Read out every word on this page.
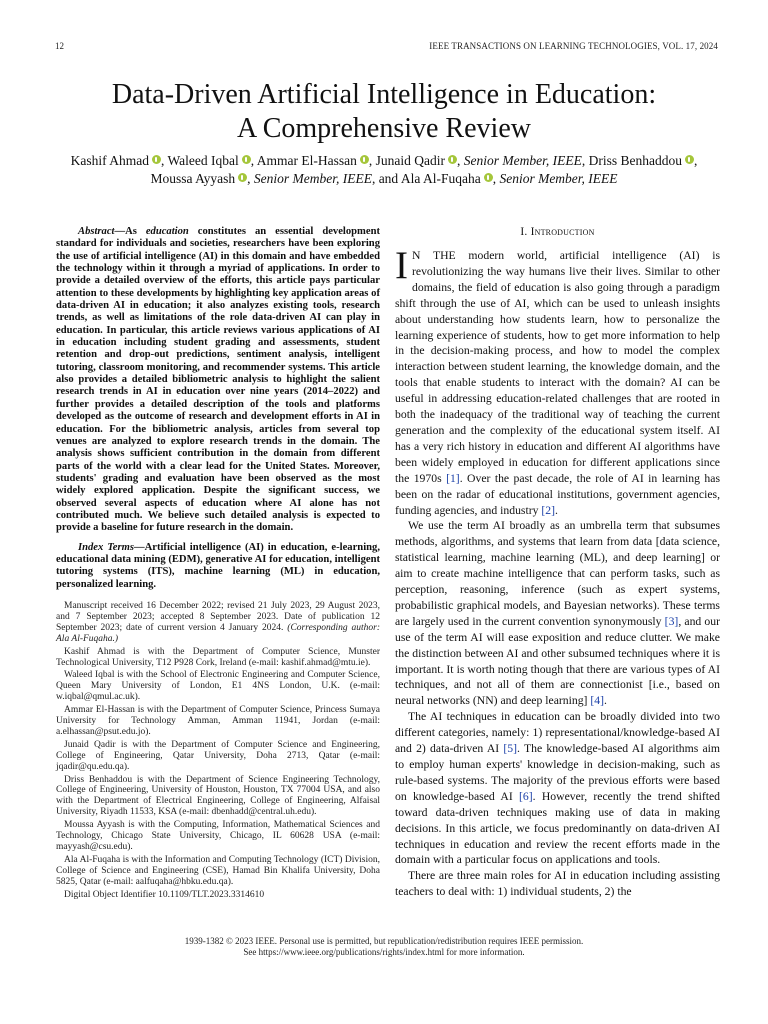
12	IEEE TRANSACTIONS ON LEARNING TECHNOLOGIES, VOL. 17, 2024
Data-Driven Artificial Intelligence in Education:
A Comprehensive Review
Kashif Ahmad , Waleed Iqbal , Ammar El-Hassan , Junaid Qadir , Senior Member, IEEE, Driss Benhaddou ,
Moussa Ayyash , Senior Member, IEEE, and Ala Al-Fuqaha , Senior Member, IEEE

Abstract—As education constitutes an essential development standard for individuals and societies, researchers have been exploring the use of artificial intelligence (AI) in this domain and have embedded the technology within it through a myriad of applications. In order to provide a detailed overview of the efforts, this article pays particular attention to these developments by highlighting key application areas of data-driven AI in education; it also analyzes existing tools, research trends, as well as limitations of the role data-driven AI can play in education. In particular, this article reviews various applications of AI in education including student grading and assessments, student retention and drop-out predictions, sentiment analysis, intelligent tutoring, classroom monitoring, and recommender systems. This article also provides a detailed bibliometric analysis to highlight the salient research trends in AI in education over nine years (2014–2022) and further provides a detailed description of the tools and platforms developed as the outcome of research and development efforts in AI in education. For the bibliometric analysis, articles from several top venues are analyzed to explore research trends in the domain. The analysis shows sufficient contribution in the domain from different parts of the world with a clear lead for the United States. Moreover, students' grading and evaluation have been observed as the most widely explored application. Despite the significant success, we observed several aspects of education where AI alone has not contributed much. We believe such detailed analysis is expected to provide a baseline for future research in the domain.

Index Terms—Artificial intelligence (AI) in education, e-learning, educational data mining (EDM), generative AI for education, intelligent tutoring systems (ITS), machine learning (ML) in education, personalized learning.

Manuscript received 16 December 2022; revised 21 July 2023, 29 August 2023, and 7 September 2023; accepted 8 September 2023. Date of publication 12 September 2023; date of current version 4 January 2024. (Corresponding author: Ala Al-Fuqaha.)

Kashif Ahmad is with the Department of Computer Science, Munster Technological University, T12 P928 Cork, Ireland (e-mail: kashif.ahmad@mtu.ie).

Waleed Iqbal is with the School of Electronic Engineering and Computer Science, Queen Mary University of London, E1 4NS London, U.K. (e-mail: w.iqbal@qmul.ac.uk).

Ammar El-Hassan is with the Department of Computer Science, Princess Sumaya University for Technology Amman, Amman 11941, Jordan (e-mail: a.elhassan@psut.edu.jo).

Junaid Qadir is with the Department of Computer Science and Engineering, College of Engineering, Qatar University, Doha 2713, Qatar (e-mail: jqadir@qu.edu.qa).

Driss Benhaddou is with the Department of Science Engineering Technology, College of Engineering, University of Houston, Houston, TX 77004 USA, and also with the Department of Electrical Engineering, College of Engineering, Alfaisal University, Riyadh 11533, KSA (e-mail: dbenhadd@central.uh.edu).

Moussa Ayyash is with the Computing, Information, Mathematical Sciences and Technology, Chicago State University, Chicago, IL 60628 USA (e-mail: mayyash@csu.edu).

Ala Al-Fuqaha is with the Information and Computing Technology (ICT) Division, College of Science and Engineering (CSE), Hamad Bin Khalifa University, Doha 5825, Qatar (e-mail: aalfuqaha@hbku.edu.qa).

Digital Object Identifier 10.1109/TLT.2023.3314610

I. Introduction

I N THE modern world, artificial intelligence (AI) is revolutionizing the way humans live their lives. Similar to other domains, the field of education is also going through a paradigm shift through the use of AI, which can be used to unleash insights about understanding how students learn, how to personalize the learning experience of students, how to get more information to help in the decision-making process, and how to model the complex interaction between student learning, the knowledge domain, and the tools that enable students to interact with the domain? AI can be useful in addressing education-related challenges that are rooted in both the inadequacy of the traditional way of teaching the current generation and the complexity of the educational system itself. AI has a very rich history in education and different AI algorithms have been widely employed in education for different applications since the 1970s [1]. Over the past decade, the role of AI in learning has been on the radar of educational institutions, government agencies, funding agencies, and industry [2].

We use the term AI broadly as an umbrella term that subsumes methods, algorithms, and systems that learn from data [data science, statistical learning, machine learning (ML), and deep learning] or aim to create machine intelligence that can perform tasks, such as perception, reasoning, inference (such as expert systems, probabilistic graphical models, and Bayesian networks). These terms are largely used in the current convention synonymously [3], and our use of the term AI will ease exposition and reduce clutter. We make the distinction between AI and other subsumed techniques where it is important. It is worth noting though that there are various types of AI techniques, and not all of them are connectionist [i.e., based on neural networks (NN) and deep learning] [4].

The AI techniques in education can be broadly divided into two different categories, namely: 1) representational/knowledge-based AI and 2) data-driven AI [5]. The knowledge-based AI algorithms aim to employ human experts' knowledge in decision-making, such as rule-based systems. The majority of the previous efforts were based on knowledge-based AI [6]. However, recently the trend shifted toward data-driven techniques making use of data in making decisions. In this article, we focus predominantly on data-driven AI techniques in education and review the recent efforts made in the domain with a particular focus on applications and tools.

There are three main roles for AI in education including assisting teachers to deal with: 1) individual students, 2) the

1939-1382 © 2023 IEEE. Personal use is permitted, but republication/redistribution requires IEEE permission.
See https://www.ieee.org/publications/rights/index.html for more information.
